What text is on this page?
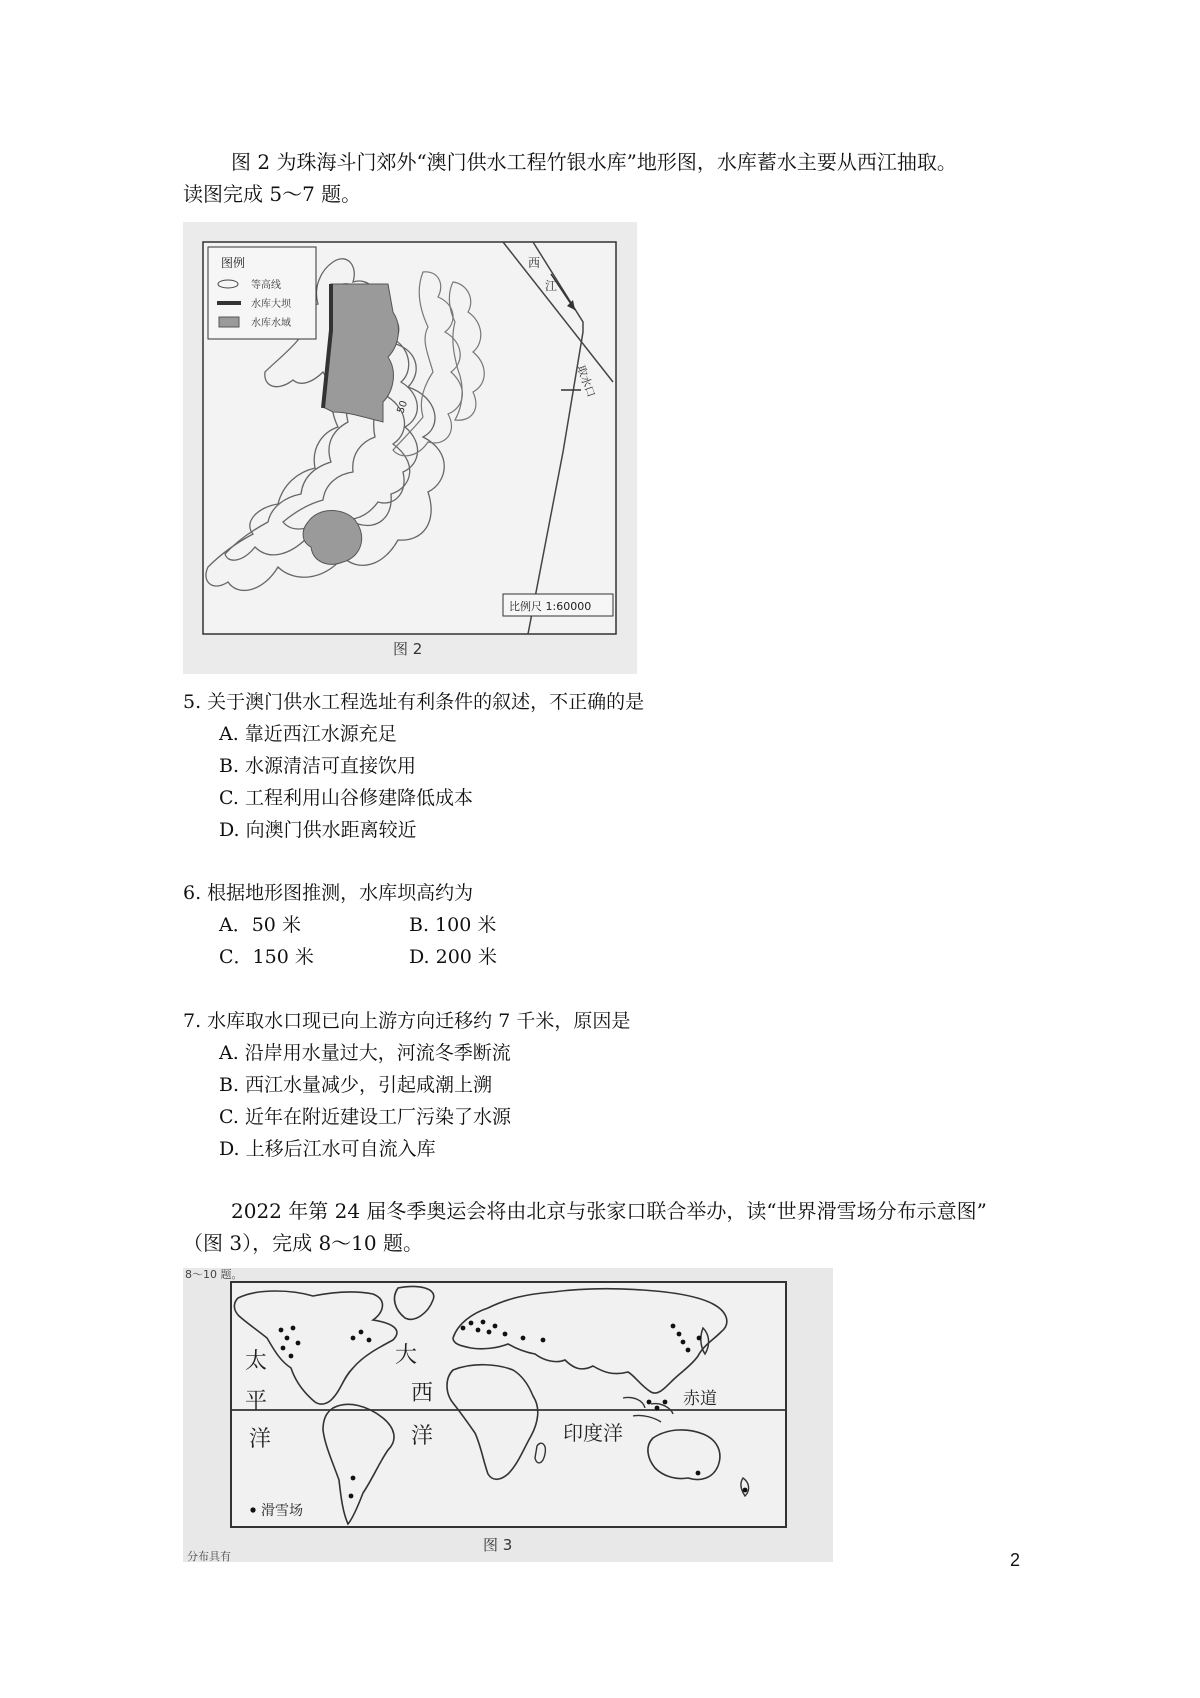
图 2 为珠海斗门郊外“澳门供水工程竹银水库”地形图，水库蓄水主要从西江抽取。

读图完成 5～7 题。

图例
等高线
水库大坝
水库水域
西
江
取水口
50
比例尺 1:60000
图 2
5. 关于澳门供水工程选址有利条件的叙述，不正确的是
A. 靠近西江水源充足
B. 水源清洁可直接饮用
C. 工程利用山谷修建降低成本
D. 向澳门供水距离较近
6. 根据地形图推测，水库坝高约为
A．50 米	B. 100 米
C．150 米	D. 200 米
7. 水库取水口现已向上游方向迁移约 7 千米，原因是
A. 沿岸用水量过大，河流冬季断流
B. 西江水量减少，引起咸潮上溯
C. 近年在附近建设工厂污染了水源
D. 上移后江水可自流入库

2022 年第 24 届冬季奥运会将由北京与张家口联合举办，读“世界滑雪场分布示意图”

（图 3），完成 8～10 题。

8～10 题。
太
平
洋
大
西
洋	印度洋
赤道
滑雪场
图 3
分布具有	2
